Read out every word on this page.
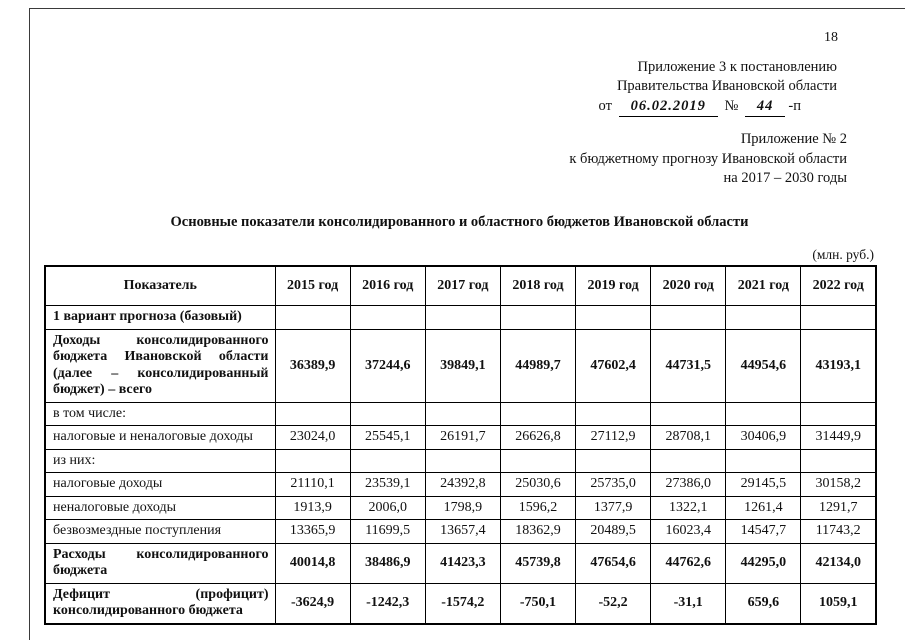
18
Приложение 3 к постановлению
Правительства Ивановской области
от 06.02.2019 № 44 -п
Приложение № 2
к бюджетному прогнозу Ивановской области
на 2017 – 2030 годы
Основные показатели консолидированного и областного бюджетов Ивановской области
(млн. руб.)
Показатель	2015 год	2016 год	2017 год	2018 год	2019 год	2020 год	2021 год	2022 год
1 вариант прогноза (базовый)								
Доходы консолидированного бюджета Ивановской области (далее – консолидированный бюджет) – всего	36389,9	37244,6	39849,1	44989,7	47602,4	44731,5	44954,6	43193,1
в том числе:								
налоговые и неналоговые доходы	23024,0	25545,1	26191,7	26626,8	27112,9	28708,1	30406,9	31449,9
из них:								
налоговые доходы	21110,1	23539,1	24392,8	25030,6	25735,0	27386,0	29145,5	30158,2
неналоговые доходы	1913,9	2006,0	1798,9	1596,2	1377,9	1322,1	1261,4	1291,7
безвозмездные поступления	13365,9	11699,5	13657,4	18362,9	20489,5	16023,4	14547,7	11743,2
Расходы консолидированного бюджета	40014,8	38486,9	41423,3	45739,8	47654,6	44762,6	44295,0	42134,0
Дефицит (профицит) консолидированного бюджета	-3624,9	-1242,3	-1574,2	-750,1	-52,2	-31,1	659,6	1059,1
